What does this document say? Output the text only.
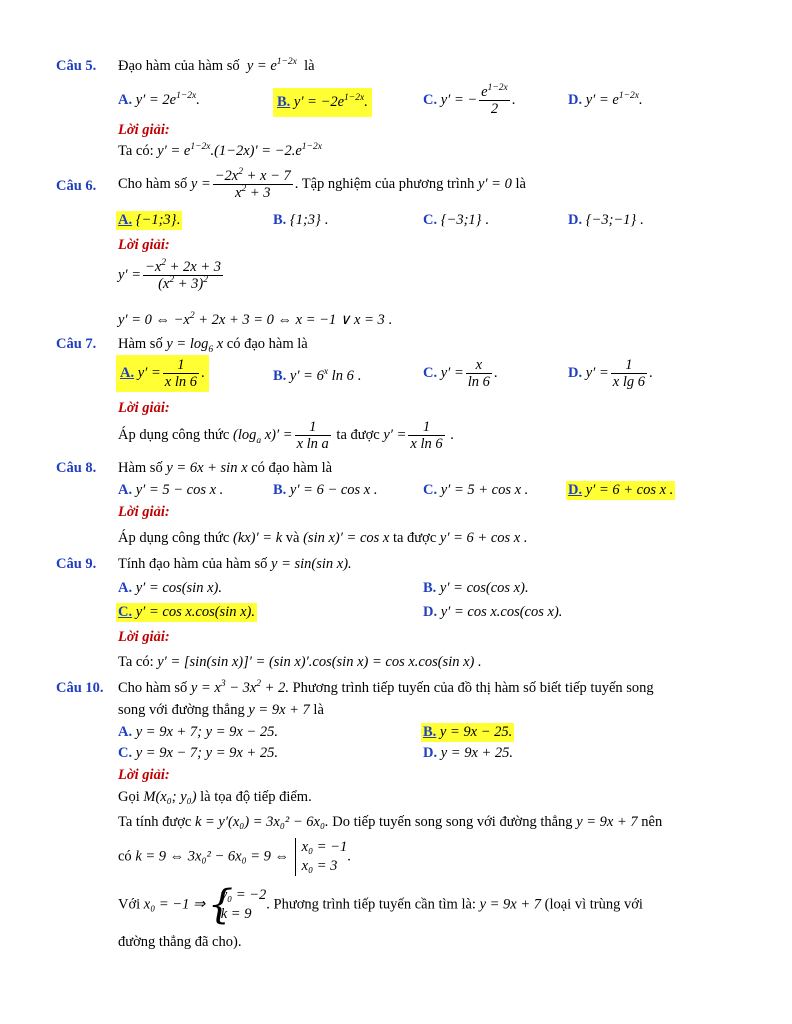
Câu 5. Đạo hàm của hàm số $y = e^{1-2x}$ là
A. $y' = 2e^{1-2x}$.	B. $y' = -2e^{1-2x}$.	C. y′ = − $\frac{e^{1-2x}}{2}$ .	D. $y' = e^{1-2x}$.
Lời giải:
Ta có: $y' = e^{1-2x}.(1-2x)' = -2.e^{1-2x}$
Câu 6. Cho hàm số $y = \frac{-2x^2 + x - 7}{x^2 + 3}$ . Tập nghiệm của phương trình y′ = 0 là
A. {−1;3}.	B. {1;3} .	C. {−3;1} .	D. {−3;−1} .
Lời giải:
$y' = \frac{-x^2 + 2x + 3}{(x^2 + 3)^2}$
y′ = 0 ⇔ $-x^2 + 2x + 3 = 0$ ⇔ x = −1 ∨ x = 3 .
Câu 7. Hàm số $y = \log_6 x$ có đạo hàm là
A. $y' = \frac{1}{\text{x ln 6}}$ .	B. $y' = 6^x$ ln 6 .	C. $y' = \frac{x}{\ln 6}$ .	D. $y' = \frac{1}{\text{x lg 6}}$ .
Lời giải:
Áp dụng công thức ($\log_a$ $x)' = \frac{1}{\text{x ln a}}$ ta được $y' = \frac{1}{\text{x ln 6}}$ .
Câu 8. Hàm số y = 6x + sin x có đạo hàm là
A. y′ = 5 − cos x .	B. y′ = 6 − cos x .	C. y′ = 5 + cos x .	D. y′ = 6 + cos x .
Lời giải:
Áp dụng công thức (kx)′ = k và (sin x)′ = cos x ta được y′ = 6 + cos x .
Câu 9. Tính đạo hàm của hàm số y = sin(sin x).
A. y′ = cos(sin x).	B. y′ = cos(cos x).
C. y′ = cos x.cos(sin x).	D. y′ = cos x.cos(cos x).
Lời giải:
Ta có: y′ = [sin(sin x)]′ = (sin x)′.cos(sin x) = cos x.cos(sin x) .
Câu 10. Cho hàm số $y = x^3 - 3x^2 + 2$. Phương trình tiếp tuyến của đồ thị hàm số biết tiếp tuyến song
song với đường thẳng y = 9x + 7 là
A. y = 9x + 7; y = 9x − 25.	B. y = 9x − 25.
C. y = 9x − 7; y = 9x + 25.	D. y = 9x + 25.
Lời giải:
Gọi M(x₀; y₀) là tọa độ tiếp điểm.
Ta tính được k = y′(x₀) = 3x₀² − 6x₀. Do tiếp tuyến song song với đường thẳng y = 9x + 7 nên
có k = 9 ⇔ 3x₀² − 6x₀ = 9 ⇔
x₀ = −1
x₀ = 3
.
Với x₀ = −1 ⇒
{ y₀ = −2
k = 9
. Phương trình tiếp tuyến cần tìm là: y = 9x + 7 (loại vì trùng với
đường thẳng đã cho).
